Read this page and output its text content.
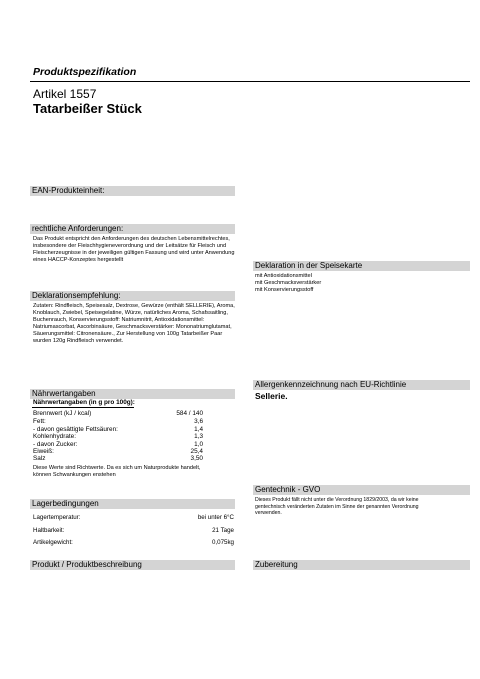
Produktspezifikation
Artikel 1557
Tatarbeißer Stück
EAN-Produkteinheit:
rechtliche Anforderungen:
Das Produkt entspricht den Anforderungen des deutschen Lebensmittelrechtes, insbesondere der Fleischhygieneverordnung und der Leitsätze für Fleisch und Fleischerzeugnisse in der jeweiligen gültigen Fassung und wird unter Anwendung eines HACCP-Konzeptes hergestellt
Deklarationsempfehlung:
Zutaten: Rindfleisch, Speisesalz, Dextrose, Gewürze (enthält SELLERIE), Aroma, Knoblauch, Zwiebel, Speisegelatine, Würze, natürliches Aroma, Schafssaitling, Buchenrauch, Konservierungsstoff: Natriumnitrit, Antioxidationsmittel: Natriumascorbat, Ascorbinsäure, Geschmacksverstärker: Mononatriumglutamat, Säuerungsmittel: Citronensäure., Zur Herstellung von 100g Tatarbeißer Paar wurden 120g Rindfleisch verwendet.
Nährwertangaben
Nährwertangaben (in g pro 100g):
Brennwert (kJ / kcal)	584 / 140
Fett:	3,6
- davon gesättigte Fettsäuren:	1,4
Kohlenhydrate:	1,3
- davon Zucker:	1,0
Eiweiß:	25,4
Salz	3,50
Diese Werte sind Richtwerte. Da es sich um Naturprodukte handelt, können Schwankungen enstehen
Lagerbedingungen
Lagertemperatur:	bei unter 6°C
Haltbarkeit:	21 Tage
Artikelgewicht:	0,075kg
Produkt / Produktbeschreibung
Deklaration in der Speisekarte
mit Antioxidationsmittel
mit Geschmacksverstärker
mit Konservierungsstoff
Allergenkennzeichnung nach EU-Richtlinie
Sellerie.
Gentechnik - GVO
Dieses Produkt fällt nicht unter die Verordnung 1829/2003, da wir keine gentechnisch veränderten Zutaten im Sinne der genannten Verordnung verwenden.
Zubereitung
